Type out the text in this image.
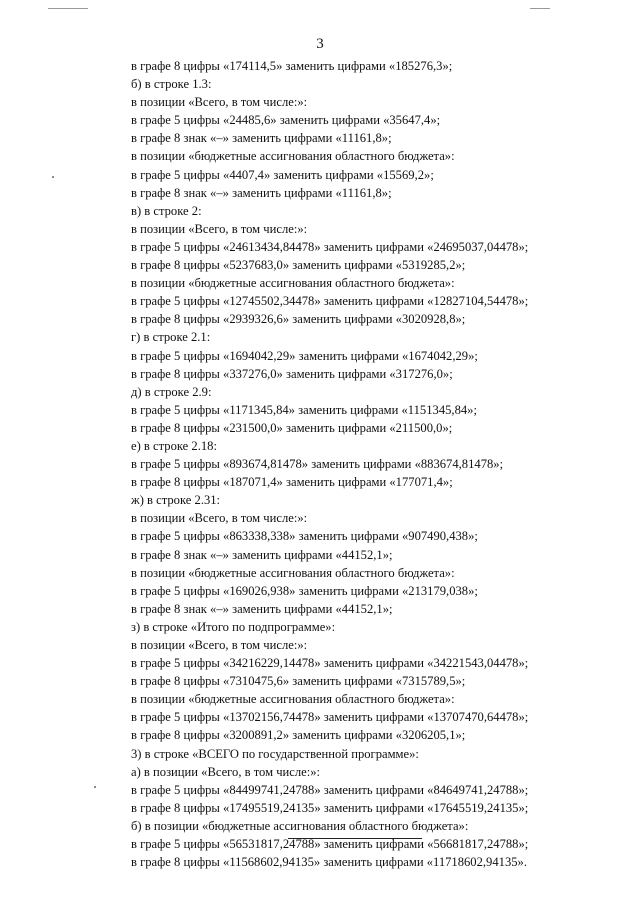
3
в графе 8 цифры «174114,5» заменить цифрами «185276,3»;
б) в строке 1.3:
в позиции «Всего, в том числе:»:
в графе 5 цифры «24485,6» заменить цифрами «35647,4»;
в графе 8 знак «–» заменить цифрами «11161,8»;
в позиции «бюджетные ассигнования областного бюджета»:
в графе 5 цифры «4407,4» заменить цифрами «15569,2»;
в графе 8 знак «–» заменить цифрами «11161,8»;
в) в строке 2:
в позиции «Всего, в том числе:»:
в графе 5 цифры «24613434,84478» заменить цифрами «24695037,04478»;
в графе 8 цифры «5237683,0» заменить цифрами «5319285,2»;
в позиции «бюджетные ассигнования областного бюджета»:
в графе 5 цифры «12745502,34478» заменить цифрами «12827104,54478»;
в графе 8 цифры «2939326,6» заменить цифрами «3020928,8»;
г) в строке 2.1:
в графе 5 цифры «1694042,29» заменить цифрами «1674042,29»;
в графе 8 цифры «337276,0» заменить цифрами «317276,0»;
д) в строке 2.9:
в графе 5 цифры «1171345,84» заменить цифрами «1151345,84»;
в графе 8 цифры «231500,0» заменить цифрами «211500,0»;
е) в строке 2.18:
в графе 5 цифры «893674,81478» заменить цифрами «883674,81478»;
в графе 8 цифры «187071,4» заменить цифрами «177071,4»;
ж) в строке 2.31:
в позиции «Всего, в том числе:»:
в графе 5 цифры «863338,338» заменить цифрами «907490,438»;
в графе 8 знак «–» заменить цифрами «44152,1»;
в позиции «бюджетные ассигнования областного бюджета»:
в графе 5 цифры «169026,938» заменить цифрами «213179,038»;
в графе 8 знак «–» заменить цифрами «44152,1»;
з) в строке «Итого по подпрограмме»:
в позиции «Всего, в том числе:»:
в графе 5 цифры «34216229,14478» заменить цифрами «34221543,04478»;
в графе 8 цифры «7310475,6» заменить цифрами «7315789,5»;
в позиции «бюджетные ассигнования областного бюджета»:
в графе 5 цифры «13702156,74478» заменить цифрами «13707470,64478»;
в графе 8 цифры «3200891,2» заменить цифрами «3206205,1»;
3) в строке «ВСЕГО по государственной программе»:
а) в позиции «Всего, в том числе:»:
в графе 5 цифры «84499741,24788» заменить цифрами «84649741,24788»;
в графе 8 цифры «17495519,24135» заменить цифрами «17645519,24135»;
б) в позиции «бюджетные ассигнования областного бюджета»:
в графе 5 цифры «56531817,24788» заменить цифрами «56681817,24788»;
в графе 8 цифры «11568602,94135» заменить цифрами «11718602,94135».
